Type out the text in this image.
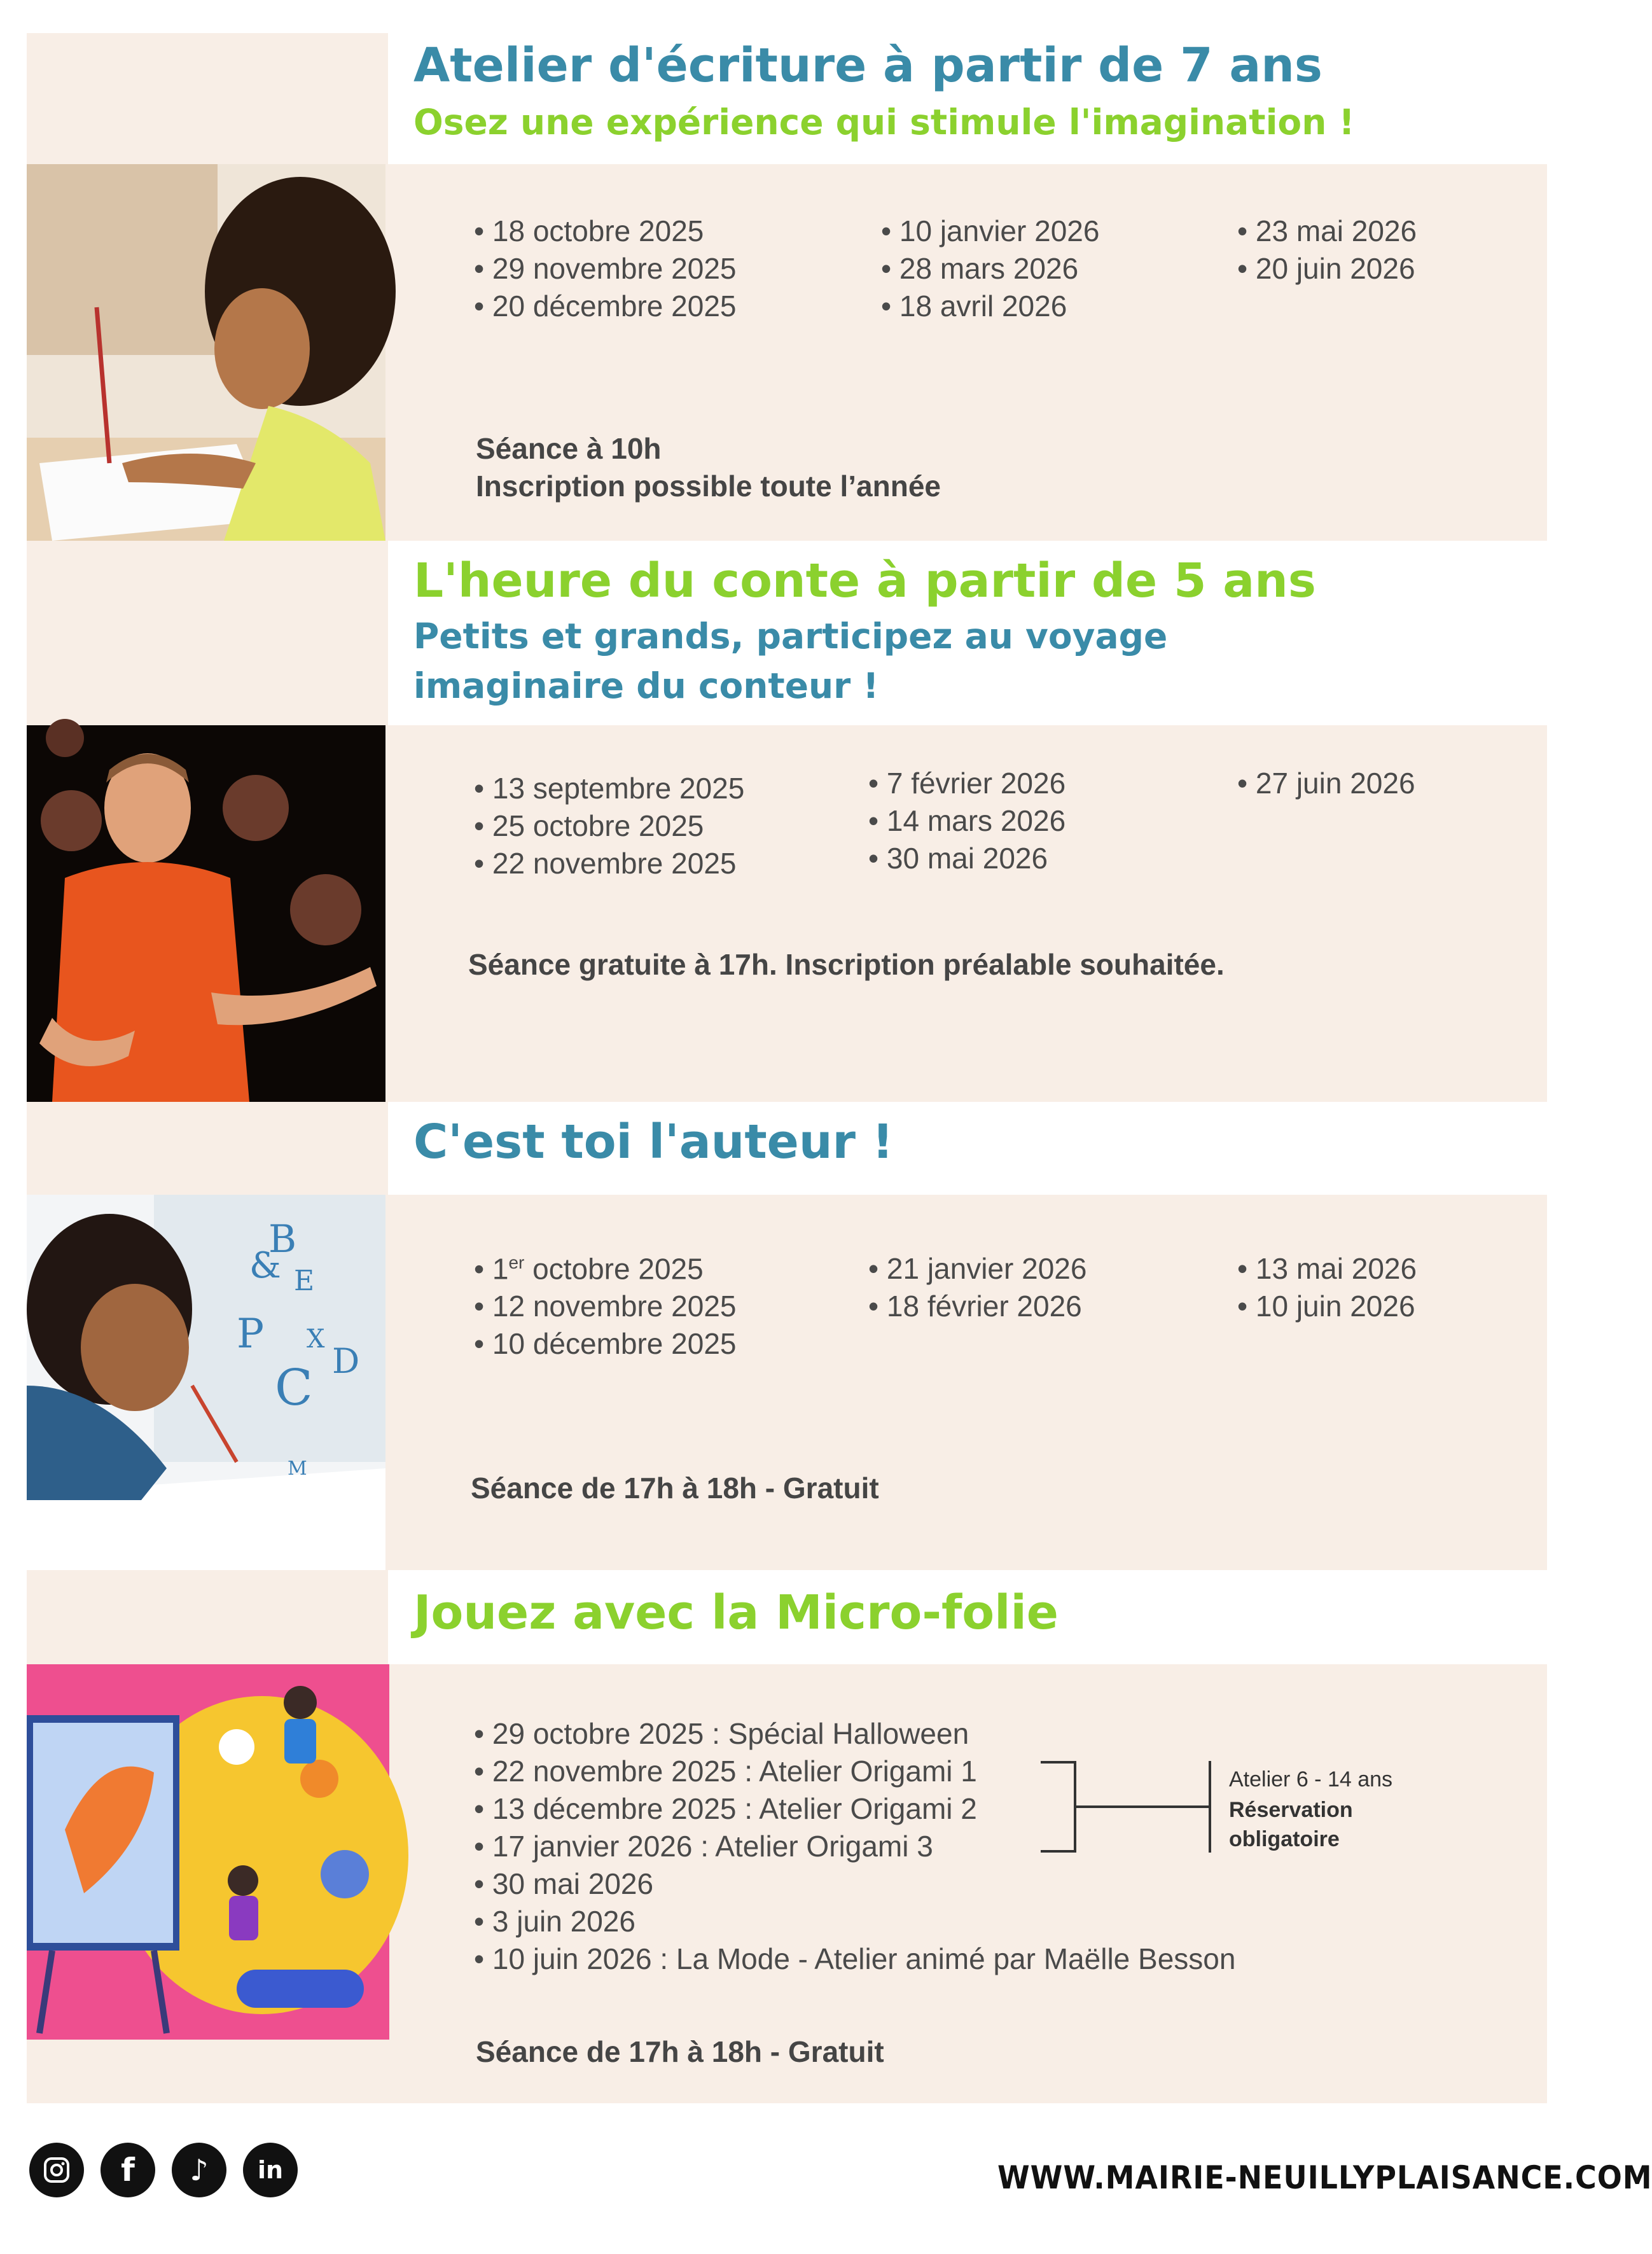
Atelier d'écriture à partir de 7 ans
Osez une expérience qui stimule l'imagination !
• 18 octobre 2025
• 29 novembre 2025
• 20 décembre 2025
• 10 janvier 2026
• 28 mars 2026
• 18 avril 2026
• 23 mai 2026
• 20 juin 2026
Séance à 10h
Inscription possible toute l’année
L'heure du conte à partir de 5 ans
Petits et grands, participez au voyage
imaginaire du conteur !
• 13 septembre 2025
• 25 octobre 2025
• 22 novembre 2025
• 7 février 2026
• 14 mars 2026
• 30 mai 2026
• 27 juin 2026
Séance gratuite à 17h. Inscription préalable souhaitée.
C'est toi l'auteur !
B
E
P
C
&
D
X
M
• 1er octobre 2025
• 12 novembre 2025
• 10 décembre 2025
• 21 janvier 2026
• 18 février 2026
• 13 mai 2026
• 10 juin 2026
Séance de 17h à 18h - Gratuit
Jouez avec la Micro-folie
• 29 octobre 2025 : Spécial Halloween
• 22 novembre 2025 : Atelier Origami 1
• 13 décembre 2025 : Atelier Origami 2
• 17 janvier 2026 : Atelier Origami 3
• 30 mai 2026
• 3 juin 2026
• 10 juin 2026 : La Mode - Atelier animé par Maëlle Besson
Atelier 6 - 14 ans
Réservation
obligatoire
Séance de 17h à 18h - Gratuit
f	♪	in	WWW.MAIRIE-NEUILLYPLAISANCE.COM
